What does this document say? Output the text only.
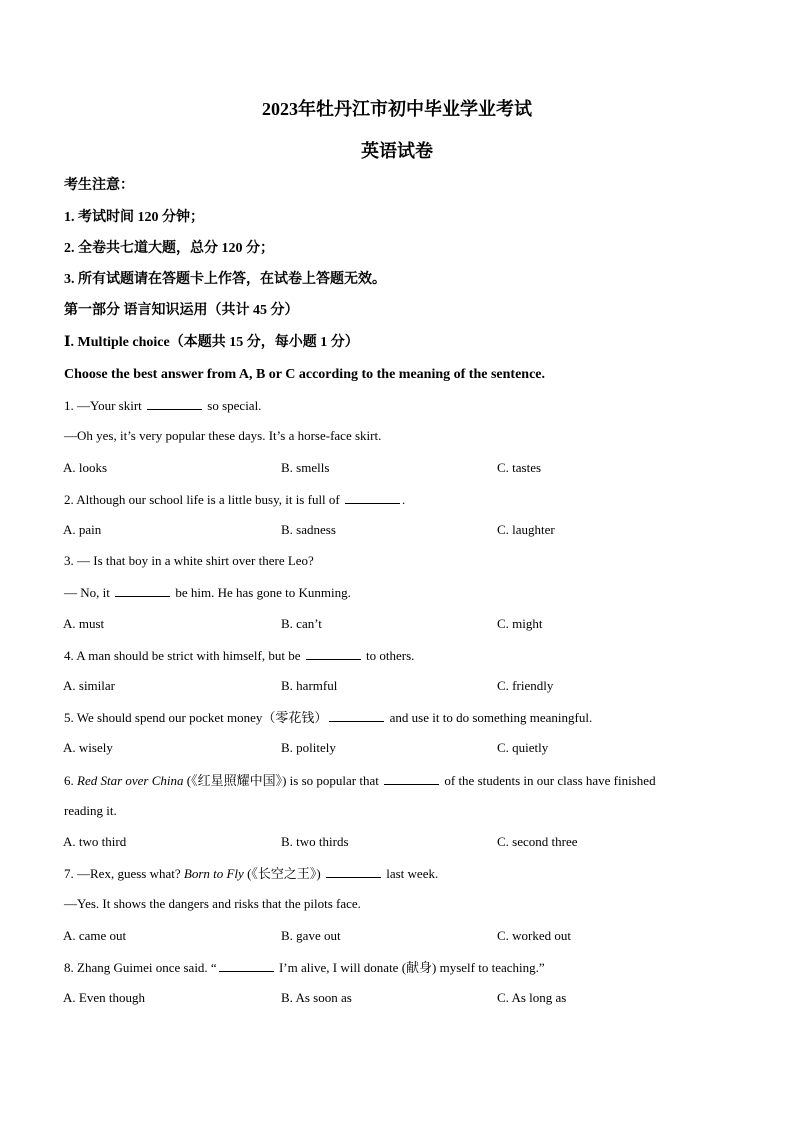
2023年牡丹江市初中毕业学业考试
英语试卷
考生注意：
1. 考试时间 120 分钟；
2. 全卷共七道大题，总分 120 分；
3. 所有试题请在答题卡上作答，在试卷上答题无效。
第一部分 语言知识运用（共计 45 分）
Ⅰ. Multiple choice（本题共 15 分，每小题 1 分）
Choose the best answer from A, B or C according to the meaning of the sentence.
1. —Your skirt	so special.
—Oh yes, it’s very popular these days. It’s a horse-face skirt.
A. looks	B. smells	C. tastes
2. Although our school life is a little busy, it is full of	.
A. pain	B. sadness	C. laughter
3. — Is that boy in a white shirt over there Leo?
— No, it	be him. He has gone to Kunming.
A. must	B. can’t	C. might
4. A man should be strict with himself, but be	to others.
A. similar	B. harmful	C. friendly
5. We should spend our pocket money（零花钱）	and use it to do something meaningful.
A. wisely	B. politely	C. quietly
6. Red Star over China (《红星照耀中国》) is so popular that	of the students in our class have finished
reading it.
A. two third	B. two thirds	C. second three
7. —Rex, guess what? Born to Fly (《长空之王》)	last week.
—Yes. It shows the dangers and risks that the pilots face.
A. came out	B. gave out	C. worked out
8. Zhang Guimei once said. “	I’m alive, I will donate (献身) myself to teaching.”
A. Even though	B. As soon as	C. As long as
